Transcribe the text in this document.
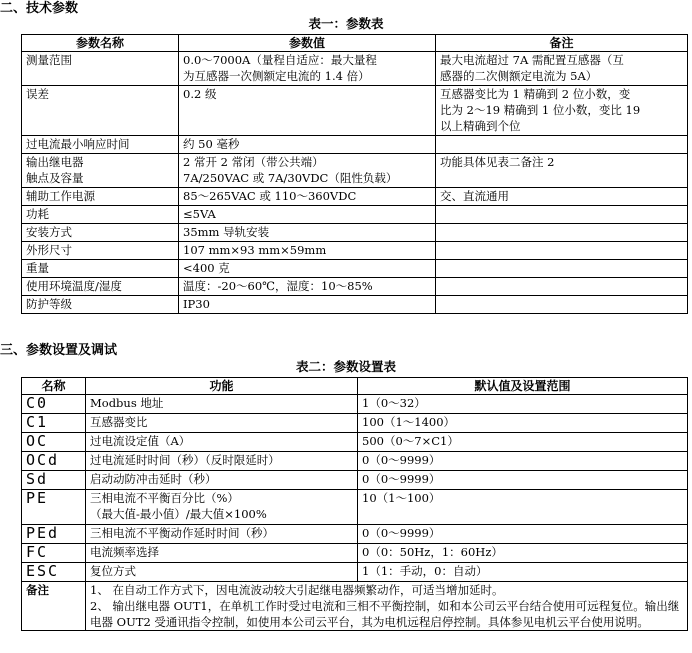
二、技术参数
表一：参数表
参数名称	参数值	备注

测量范围	0.0～7000A（量程自适应：最大量程
为互感器一次侧额定电流的 1.4 倍）	最大电流超过 7A 需配置互感器（互
感器的二次侧额定电流为 5A）

误差	0.2 级	互感器变比为 1 精确到 2 位小数，变
比为 2～19 精确到 1 位小数，变比 19
以上精确到个位

过电流最小响应时间	约 50 毫秒	

输出继电器
触点及容量	2 常开 2 常闭（带公共端）
7A/250VAC 或 7A/30VDC（阻性负载）	功能具体见表二备注 2

辅助工作电源	85～265VAC 或 110～360VDC	交、直流通用

功耗	≤5VA	

安装方式	35mm 导轨安装	

外形尺寸	107 mm×93 mm×59mm	

重量	<400 克	

使用环境温度/湿度	温度：-20～60℃，湿度：10～85%	

防护等级	IP30	

三、参数设置及调试
表二：参数设置表
名称	功能	默认值及设置范围
C0	Modbus 地址	1（0～32）
C1	互感器变比	100（1～1400）
OC	过电流设定值（A）	500（0～7×C1）
OCd	过电流延时时间（秒）（反时限延时）	0（0～9999）
Sd	启动动防冲击延时（秒）	0（0～9999）
PE	三相电流不平衡百分比（%）
（最大值-最小值）/最大值×100%	10（1～100）
PEd	三相电流不平衡动作延时时间（秒）	0（0～9999）
FC	电流频率选择	0（0：50Hz，1：60Hz）
ESC	复位方式	1（1：手动，0：自动）
备注	1、 在自动工作方式下，因电流波动较大引起继电器频繁动作，可适当增加延时。
2、 输出继电器 OUT1，在单机工作时受过电流和三相不平衡控制，如和本公司云平台结合使用可远程复位。输出继电器 OUT2 受通讯指令控制，如使用本公司云平台，其为电机远程启停控制。具体参见电机云平台使用说明。	
